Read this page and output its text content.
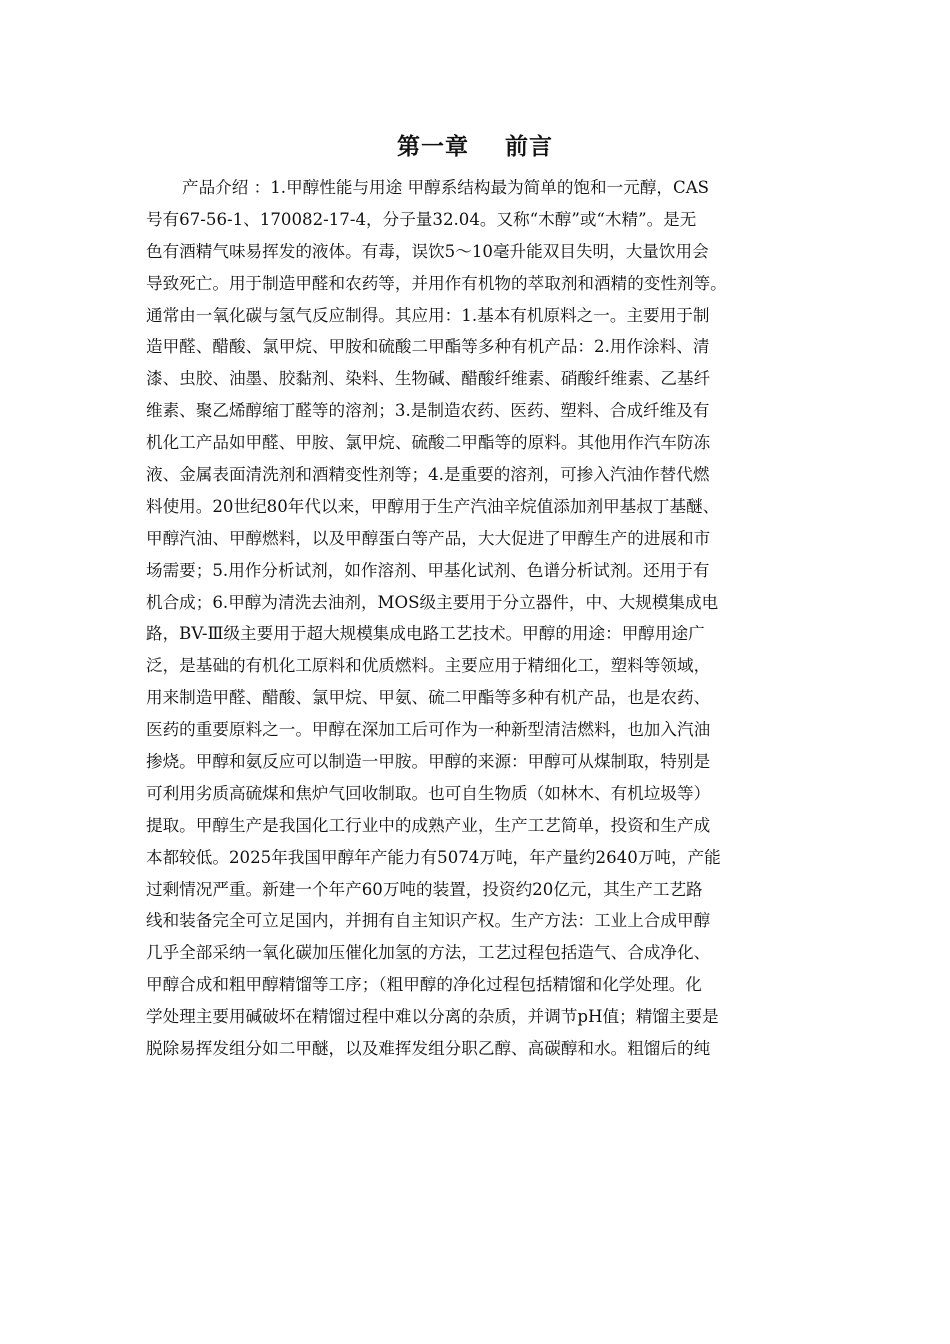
第一章    前言
产品介绍 ：1.甲醇性能与用途 甲醇系结构最为简单的饱和一元醇，CAS
号有67-56-1、170082-17-4，分子量32.04。又称“木醇”或“木精”。是无
色有酒精气味易挥发的液体。有毒，误饮5～10毫升能双目失明，大量饮用会
导致死亡。用于制造甲醛和农药等，并用作有机物的萃取剂和酒精的变性剂等。
通常由一氧化碳与氢气反应制得。其应用：1.基本有机原料之一。主要用于制
造甲醛、醋酸、氯甲烷、甲胺和硫酸二甲酯等多种有机产品：2.用作涂料、清
漆、虫胶、油墨、胶黏剂、染料、生物碱、醋酸纤维素、硝酸纤维素、乙基纤
维素、聚乙烯醇缩丁醛等的溶剂；3.是制造农药、医药、塑料、合成纤维及有
机化工产品如甲醛、甲胺、氯甲烷、硫酸二甲酯等的原料。其他用作汽车防冻
液、金属表面清洗剂和酒精变性剂等；4.是重要的溶剂，可掺入汽油作替代燃
料使用。20世纪80年代以来，甲醇用于生产汽油辛烷值添加剂甲基叔丁基醚、
甲醇汽油、甲醇燃料，以及甲醇蛋白等产品，大大促进了甲醇生产的进展和市
场需要；5.用作分析试剂，如作溶剂、甲基化试剂、色谱分析试剂。还用于有
机合成；6.甲醇为清洗去油剂，MOS级主要用于分立器件，中、大规模集成电
路，BV-Ⅲ级主要用于超大规模集成电路工艺技术。甲醇的用途：甲醇用途广
泛，是基础的有机化工原料和优质燃料。主要应用于精细化工，塑料等领域，
用来制造甲醛、醋酸、氯甲烷、甲氨、硫二甲酯等多种有机产品，也是农药、
医药的重要原料之一。甲醇在深加工后可作为一种新型清洁燃料，也加入汽油
掺烧。甲醇和氨反应可以制造一甲胺。甲醇的来源：甲醇可从煤制取，特别是
可利用劣质高硫煤和焦炉气回收制取。也可自生物质（如林木、有机垃圾等）
提取。甲醇生产是我国化工行业中的成熟产业，生产工艺简单，投资和生产成
本都较低。2025年我国甲醇年产能力有5074万吨，年产量约2640万吨，产能
过剩情况严重。新建一个年产60万吨的装置，投资约20亿元，其生产工艺路
线和装备完全可立足国内，并拥有自主知识产权。生产方法：工业上合成甲醇
几乎全部采纳一氧化碳加压催化加氢的方法，工艺过程包括造气、合成净化、
甲醇合成和粗甲醇精馏等工序；（粗甲醇的净化过程包括精馏和化学处理。化
学处理主要用碱破坏在精馏过程中难以分离的杂质，并调节pH值；精馏主要是
脱除易挥发组分如二甲醚，以及难挥发组分职乙醇、高碳醇和水。粗馏后的纯
